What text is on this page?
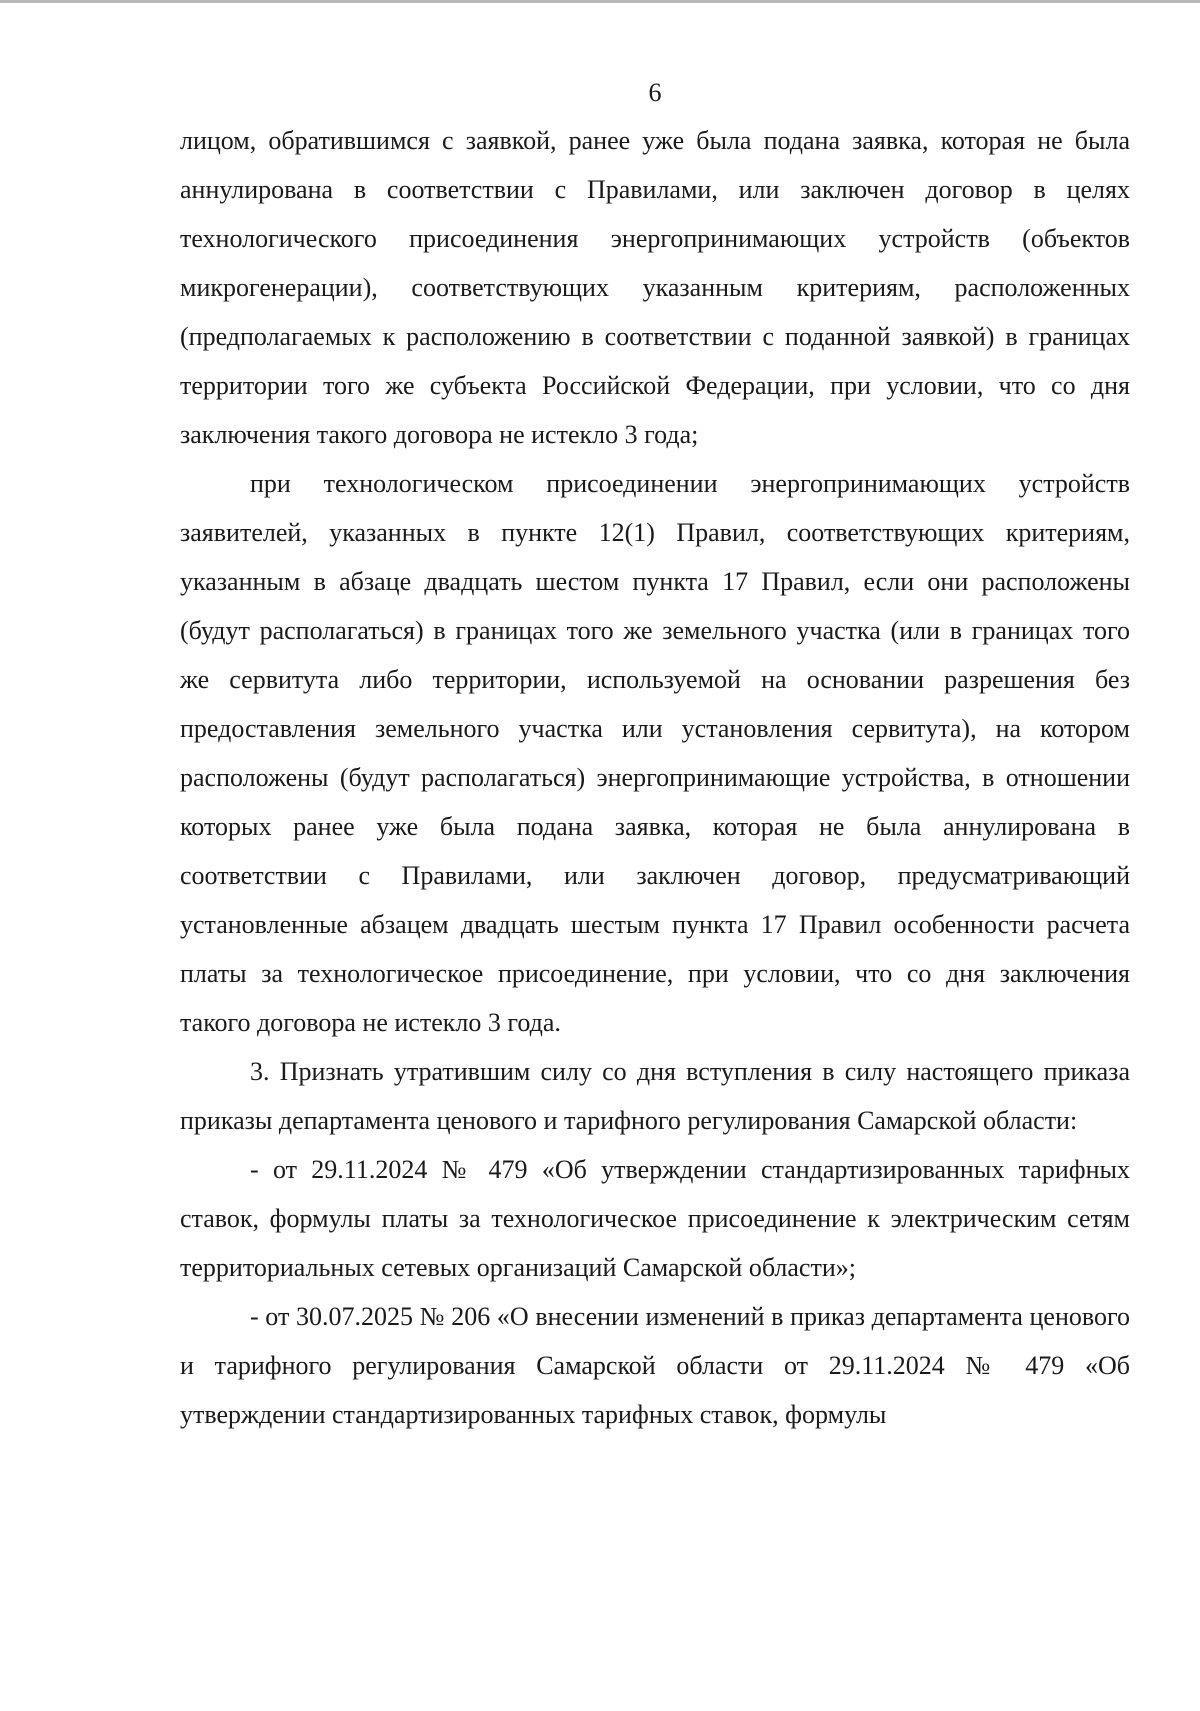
6
лицом, обратившимся с заявкой, ранее уже была подана заявка, которая не была аннулирована в соответствии с Правилами, или заключен договор в целях технологического присоединения энергопринимающих устройств (объектов микрогенерации), соответствующих указанным критериям, расположенных (предполагаемых к расположению в соответствии с поданной заявкой) в границах территории того же субъекта Российской Федерации, при условии, что со дня заключения такого договора не истекло 3 года;
при технологическом присоединении энергопринимающих устройств заявителей, указанных в пункте 12(1) Правил, соответствующих критериям, указанным в абзаце двадцать шестом пункта 17 Правил, если они расположены (будут располагаться) в границах того же земельного участка (или в границах того же сервитута либо территории, используемой на основании разрешения без предоставления земельного участка или установления сервитута), на котором расположены (будут располагаться) энергопринимающие устройства, в отношении которых ранее уже была подана заявка, которая не была аннулирована в соответствии с Правилами, или заключен договор, предусматривающий установленные абзацем двадцать шестым пункта 17 Правил особенности расчета платы за технологическое присоединение, при условии, что со дня заключения такого договора не истекло 3 года.
3. Признать утратившим силу со дня вступления в силу настоящего приказа приказы департамента ценового и тарифного регулирования Самарской области:
- от 29.11.2024 № 479 «Об утверждении стандартизированных тарифных ставок, формулы платы за технологическое присоединение к электрическим сетям территориальных сетевых организаций Самарской области»;
- от 30.07.2025 № 206 «О внесении изменений в приказ департамента ценового и тарифного регулирования Самарской области от 29.11.2024 № 479 «Об утверждении стандартизированных тарифных ставок, формулы
